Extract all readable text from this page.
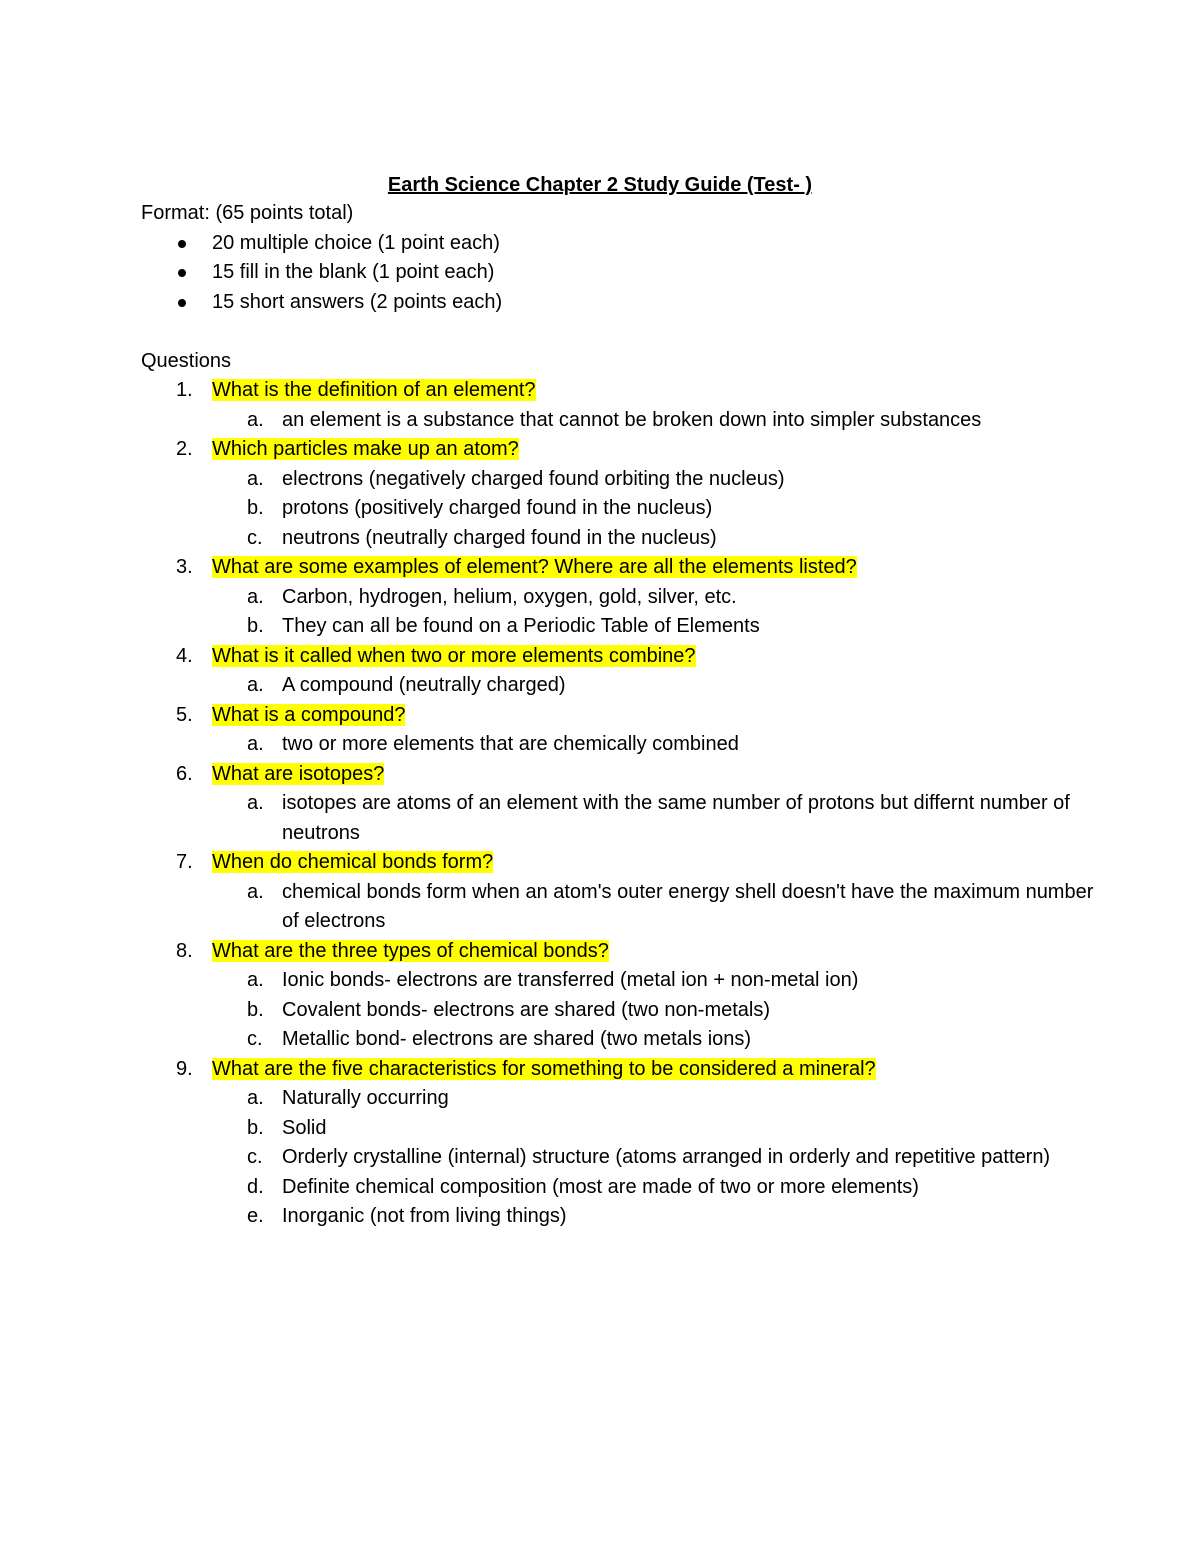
Earth Science Chapter 2 Study Guide (Test- )

Format: (65 points total)

20 multiple choice (1 point each)
15 fill in the blank (1 point each)
15 short answers (2 points each)

Questions

1. What is the definition of an element?
a. an element is a substance that cannot be broken down into simpler substances
2. Which particles make up an atom?
a. electrons (negatively charged found orbiting the nucleus)
b. protons (positively charged found in the nucleus)
c. neutrons (neutrally charged found in the nucleus)
3. What are some examples of element? Where are all the elements listed?
a. Carbon, hydrogen, helium, oxygen, gold, silver, etc.
b. They can all be found on a Periodic Table of Elements
4. What is it called when two or more elements combine?
a. A compound (neutrally charged)
5. What is a compound?
a. two or more elements that are chemically combined
6. What are isotopes?
a. isotopes are atoms of an element with the same number of protons but differnt number of neutrons
7. When do chemical bonds form?
a. chemical bonds form when an atom's outer energy shell doesn't have the maximum number of electrons
8. What are the three types of chemical bonds?
a. Ionic bonds- electrons are transferred (metal ion + non-metal ion)
b. Covalent bonds- electrons are shared (two non-metals)
c. Metallic bond- electrons are shared (two metals ions)
9. What are the five characteristics for something to be considered a mineral?
a. Naturally occurring
b. Solid
c. Orderly crystalline (internal) structure (atoms arranged in orderly and repetitive pattern)
d. Definite chemical composition (most are made of two or more elements)
e. Inorganic (not from living things)
